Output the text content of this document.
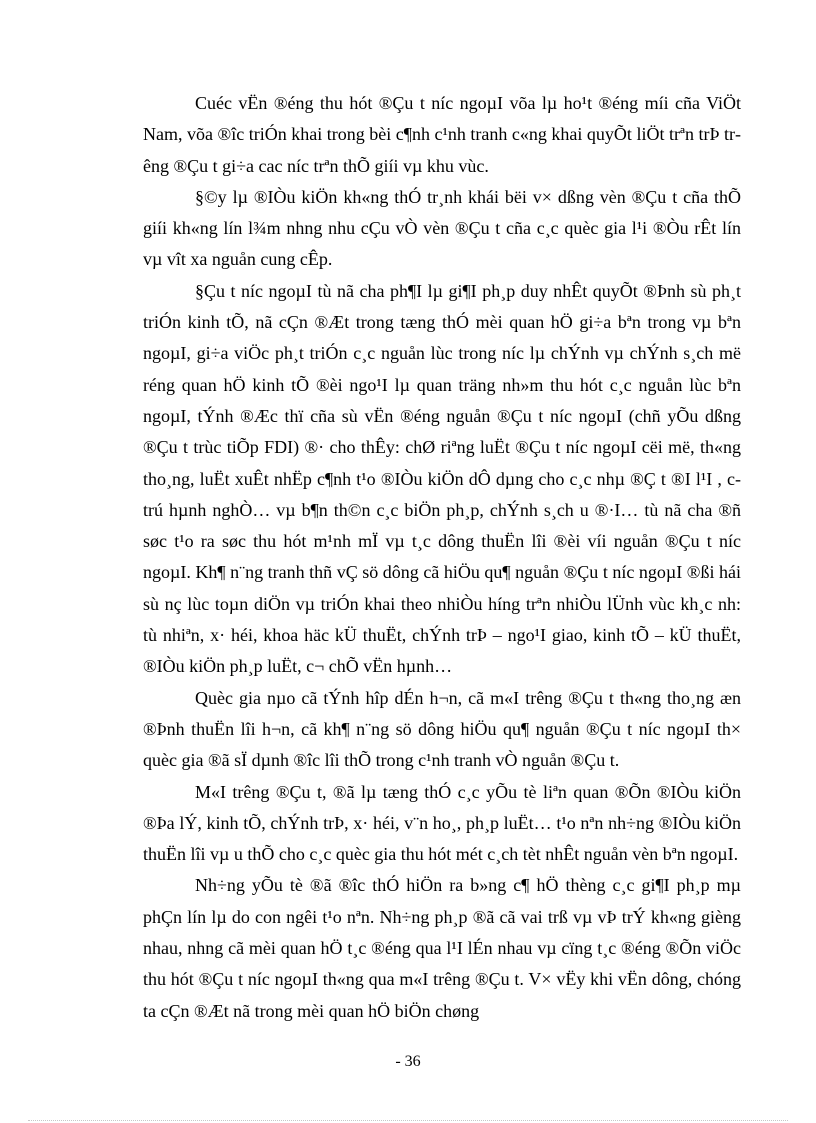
Cuéc vËn ®éng thu hót ®Çu t níc ngoµI võa lµ ho¹t ®éng míi cña ViÖt Nam, võa ®îc triÓn khai trong bèi c¶nh c¹nh tranh c«ng khai quyÕt liÖt trªn trÞ trêng ®Çu t gi÷a cac níc trªn thÕ giíi vµ khu vùc.

§©y lµ ®IÒu kiÖn kh«ng thÓ tr¸nh khái bëi v× dßng vèn ®Çu t cña thÕ giíi kh«ng lín l¾m nhng nhu cÇu vÒ vèn ®Çu t cña c¸c quèc gia l¹i ®Òu rÊt lín vµ vît xa nguån cung cÊp.

§Çu t níc ngoµI tù nã cha ph¶I lµ gi¶I ph¸p duy nhÊt quyÕt ®Þnh sù ph¸t triÓn kinh tÕ, nã cÇn ®Æt trong tæng thÓ mèi quan hÖ gi÷a bªn trong vµ bªn ngoµI, gi÷a viÖc ph¸t triÓn c¸c nguån lùc trong níc lµ chÝnh vµ chÝnh s¸ch më réng quan hÖ kinh tÕ ®èi ngo¹I lµ quan träng nh»m thu hót c¸c nguån lùc bªn ngoµI, tÝnh ®Æc thï cña sù vËn ®éng nguån ®Çu t níc ngoµI (chñ yÕu dßng ®Çu t trùc tiÕp FDI) ®· cho thÊy: chØ riªng luËt ®Çu t níc ngoµI cëi më, th«ng tho¸ng, luËt xuÊt nhËp c¶nh t¹o ®IÒu kiÖn dÔ dµng cho c¸c nhµ ®Ç t ®I l¹I , c trú hµnh nghÒ… vµ b¶n th©n c¸c biÖn ph¸p, chÝnh s¸ch u ®·I… tù nã cha ®ñ søc t¹o ra søc thu hót m¹nh mÏ vµ t¸c dông thuËn lîi ®èi víi nguån ®Çu t níc ngoµI. Kh¶ n¨ng tranh thñ vÇ sö dông cã hiÖu qu¶ nguån ®Çu t níc ngoµI ®ßi hái sù nç lùc toµn diÖn vµ triÓn khai theo nhiÒu híng trªn nhiÒu lÜnh vùc kh¸c nh: tù nhiªn, x· héi, khoa häc kÜ thuËt, chÝnh trÞ – ngo¹I giao, kinh tÕ – kÜ thuËt, ®IÒu kiÖn ph¸p luËt, c¬ chÕ vËn hµnh…

Quèc gia nµo cã tÝnh hîp dÉn h¬n, cã m«I trêng ®Çu t th«ng tho¸ng æn ®Þnh thuËn lîi h¬n, cã kh¶ n¨ng sö dông hiÖu qu¶ nguån ®Çu t níc ngoµI th× quèc gia ®ã sÏ dµnh ®îc lîi thÕ trong c¹nh tranh vÒ nguån ®Çu t.

M«I trêng ®Çu t, ®ã lµ tæng thÓ c¸c yÕu tè liªn quan ®Õn ®IÒu kiÖn ®Þa lÝ, kinh tÕ, chÝnh trÞ, x· héi, v¨n ho¸, ph¸p luËt… t¹o nªn nh÷ng ®IÒu kiÖn thuËn lîi vµ u thÕ cho c¸c quèc gia thu hót mét c¸ch tèt nhÊt nguån vèn bªn ngoµI.

Nh÷ng yÕu tè ®ã ®îc thÓ hiÖn ra b»ng c¶ hÖ thèng c¸c gi¶I ph¸p mµ phÇn lín lµ do con ngêi t¹o nªn. Nh÷ng ph¸p ®ã cã vai trß vµ vÞ trÝ kh«ng gièng nhau, nhng cã mèi quan hÖ t¸c ®éng qua l¹I lÉn nhau vµ cïng t¸c ®éng ®Õn viÖc thu hót ®Çu t níc ngoµI th«ng qua m«I trêng ®Çu t. V× vËy khi vËn dông, chóng ta cÇn ®Æt nã trong mèi quan hÖ biÖn chøng

- 36
